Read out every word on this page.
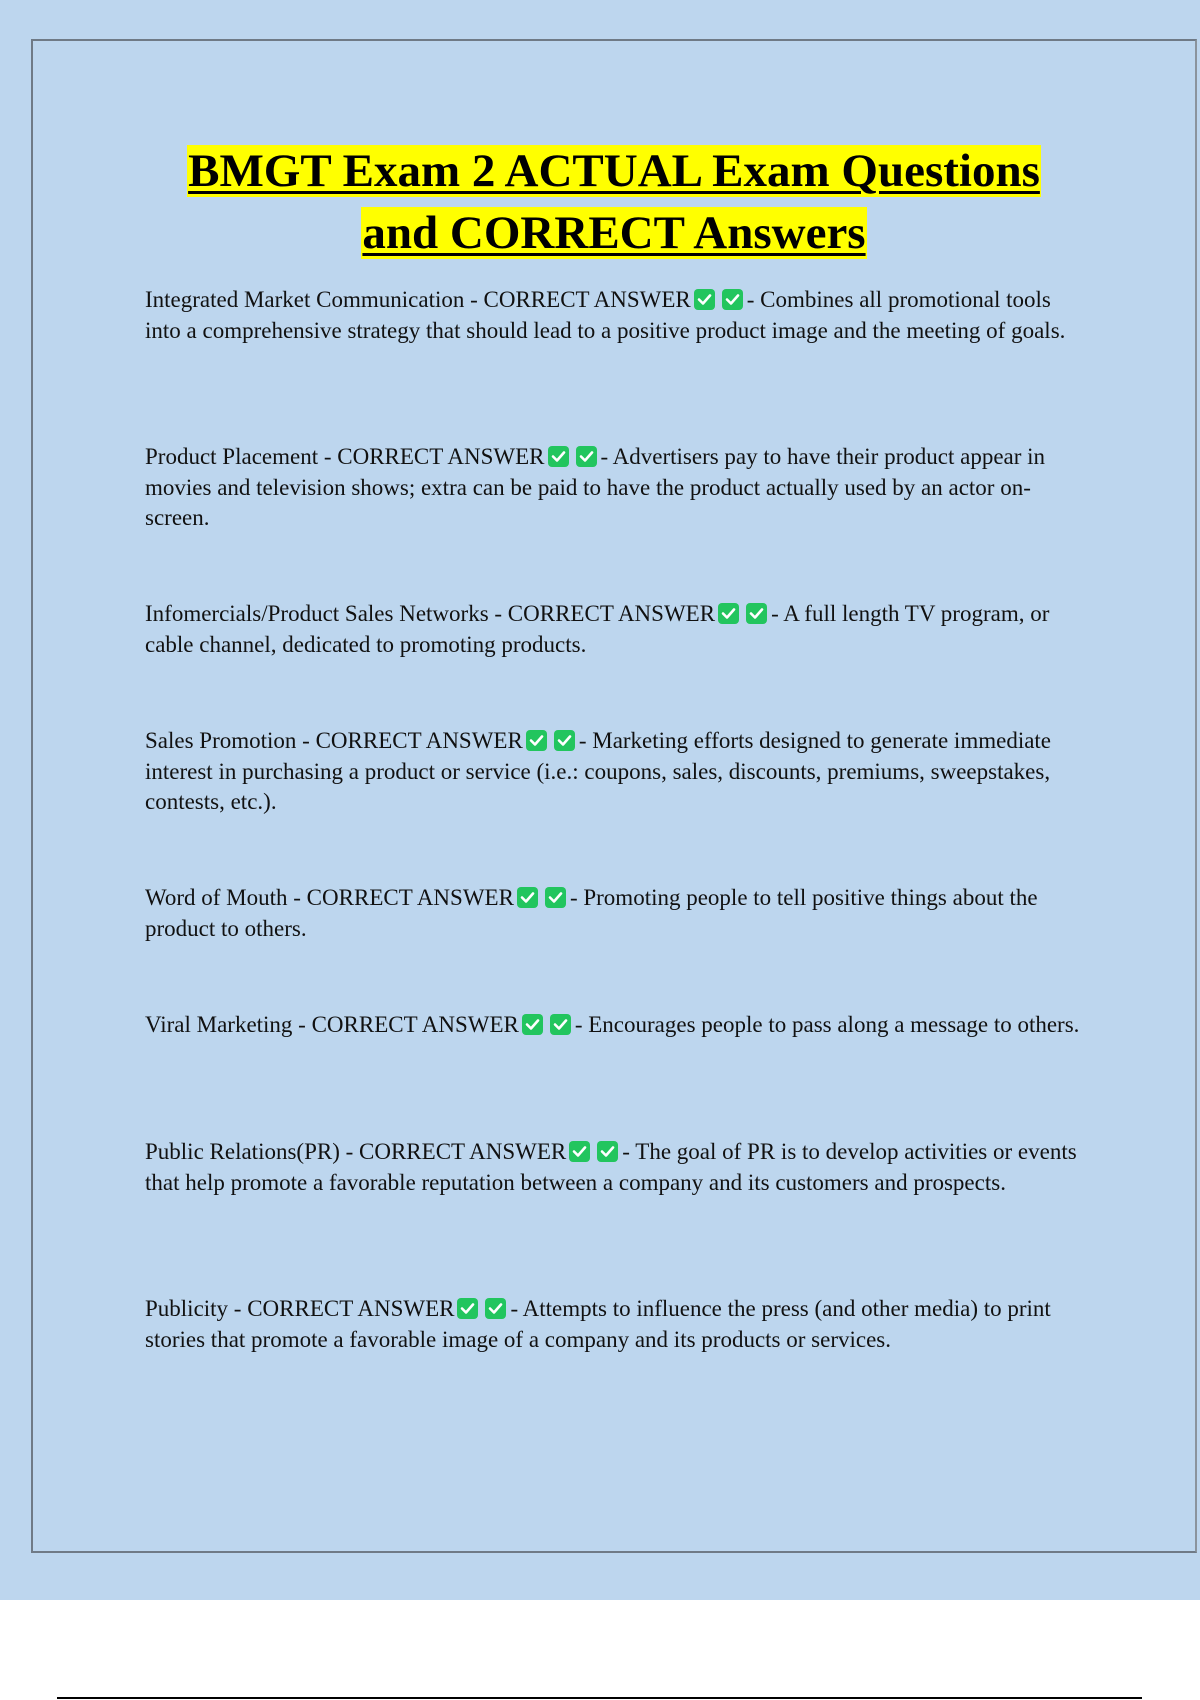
BMGT Exam 2 ACTUAL Exam Questions
and CORRECT Answers
Integrated Market Communication - CORRECT ANSWER - Combines all promotional tools into a comprehensive strategy that should lead to a positive product image and the meeting of goals.
Product Placement - CORRECT ANSWER - Advertisers pay to have their product appear in movies and television shows; extra can be paid to have the product actually used by an actor on-screen.
Infomercials/Product Sales Networks - CORRECT ANSWER - A full length TV program, or cable channel, dedicated to promoting products.
Sales Promotion - CORRECT ANSWER - Marketing efforts designed to generate immediate interest in purchasing a product or service (i.e.: coupons, sales, discounts, premiums, sweepstakes, contests, etc.).
Word of Mouth - CORRECT ANSWER - Promoting people to tell positive things about the product to others.
Viral Marketing - CORRECT ANSWER - Encourages people to pass along a message to others.
Public Relations(PR) - CORRECT ANSWER - The goal of PR is to develop activities or events that help promote a favorable reputation between a company and its customers and prospects.
Publicity - CORRECT ANSWER - Attempts to influence the press (and other media) to print stories that promote a favorable image of a company and its products or services.
